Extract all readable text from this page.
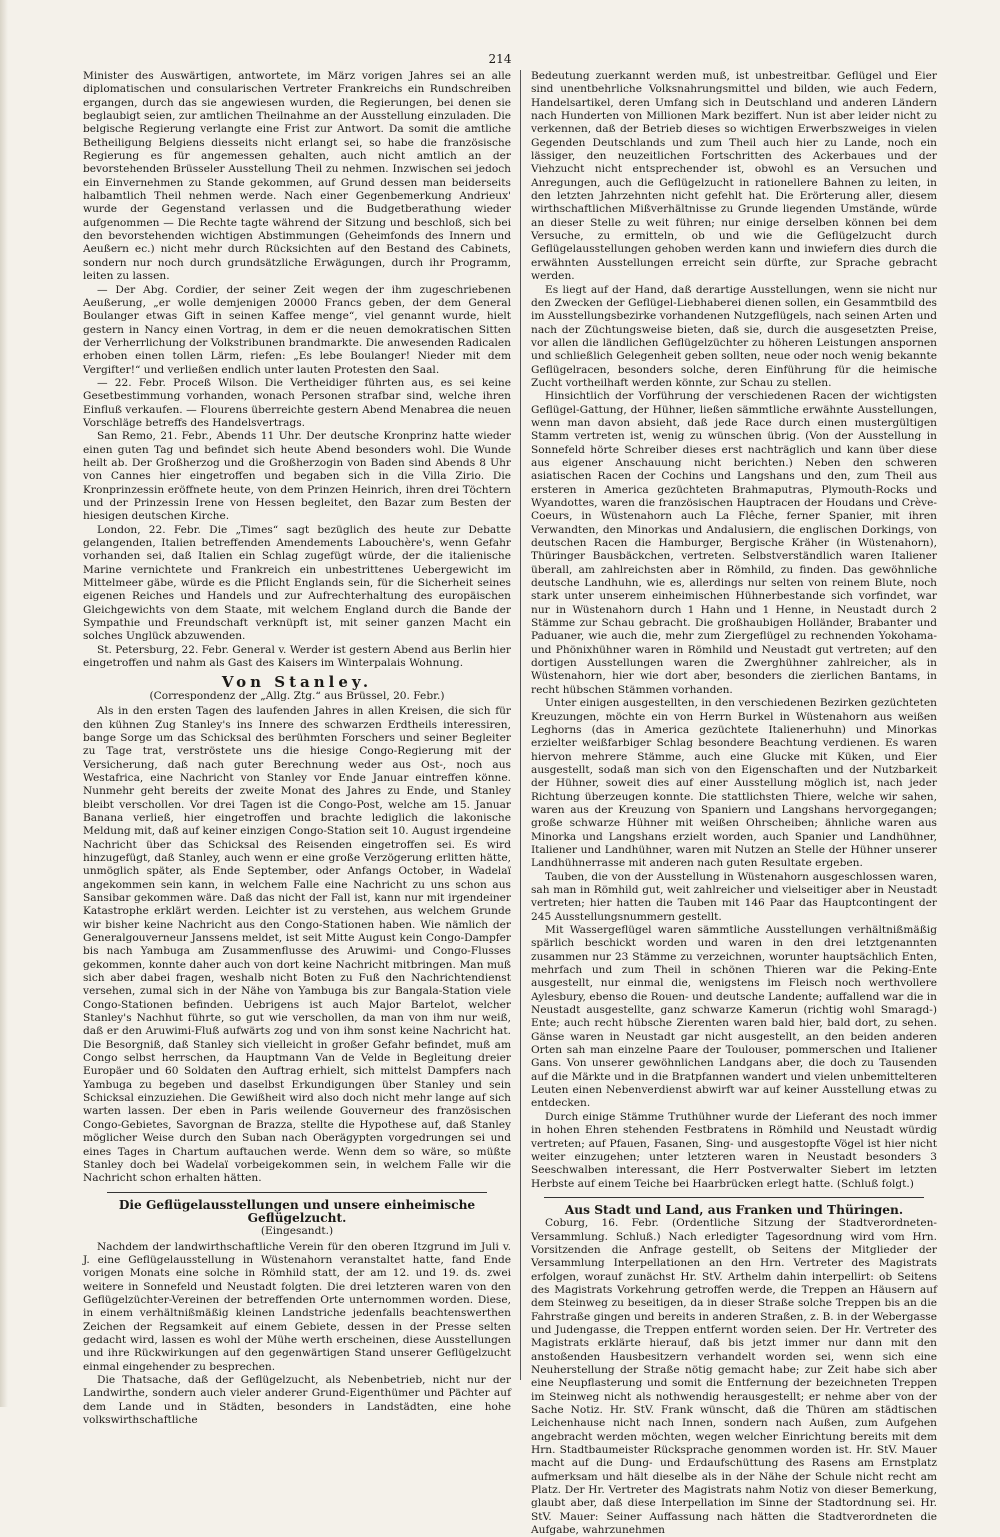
214

Minister des Auswärtigen, antwortete, im März vorigen Jahres sei an alle diplomatischen und consularischen Vertreter Frankreichs ein Rundschreiben ergangen, durch das sie angewiesen wurden, die Regierungen, bei denen sie beglaubigt seien, zur amtlichen Theilnahme an der Ausstellung einzuladen. Die belgische Regierung verlangte eine Frist zur Antwort. Da somit die amtliche Betheiligung Belgiens diesseits nicht erlangt sei, so habe die französische Regierung es für angemessen gehalten, auch nicht amtlich an der bevorstehenden Brüsseler Ausstellung Theil zu nehmen. Inzwischen sei jedoch ein Einvernehmen zu Stande gekommen, auf Grund dessen man beiderseits halbamtlich Theil nehmen werde. Nach einer Gegenbemerkung Andrieux' wurde der Gegenstand verlassen und die Budgetberathung wieder aufgenommen — Die Rechte tagte während der Sitzung und beschloß, sich bei den bevorstehenden wichtigen Abstimmungen (Geheimfonds des Innern und Aeußern ec.) nicht mehr durch Rücksichten auf den Bestand des Cabinets, sondern nur noch durch grundsätzliche Erwägungen, durch ihr Programm, leiten zu lassen.

— Der Abg. Cordier, der seiner Zeit wegen der ihm zugeschriebenen Aeußerung, „er wolle demjenigen 20000 Francs geben, der dem General Boulanger etwas Gift in seinen Kaffee menge“, viel genannt wurde, hielt gestern in Nancy einen Vortrag, in dem er die neuen demokratischen Sitten der Verherrlichung der Volkstribunen brandmarkte. Die anwesenden Radicalen erhoben einen tollen Lärm, riefen: „Es lebe Boulanger! Nieder mit dem Vergifter!“ und verließen endlich unter lauten Protesten den Saal.

— 22. Febr. Proceß Wilson. Die Vertheidiger führten aus, es sei keine Gesetbestimmung vorhanden, wonach Personen strafbar sind, welche ihren Einfluß verkaufen. — Flourens überreichte gestern Abend Menabrea die neuen Vorschläge betreffs des Handelsvertrags.

San Remo, 21. Febr., Abends 11 Uhr. Der deutsche Kronprinz hatte wieder einen guten Tag und befindet sich heute Abend besonders wohl. Die Wunde heilt ab. Der Großherzog und die Großherzogin von Baden sind Abends 8 Uhr von Cannes hier eingetroffen und begaben sich in die Villa Zirio. Die Kronprinzessin eröffnete heute, von dem Prinzen Heinrich, ihren drei Töchtern und der Prinzessin Irene von Hessen begleitet, den Bazar zum Besten der hiesigen deutschen Kirche.

London, 22. Febr. Die „Times“ sagt bezüglich des heute zur Debatte gelangenden, Italien betreffenden Amendements Labouchère's, wenn Gefahr vorhanden sei, daß Italien ein Schlag zugefügt würde, der die italienische Marine vernichtete und Frankreich ein unbestrittenes Uebergewicht im Mittelmeer gäbe, würde es die Pflicht Englands sein, für die Sicherheit seines eigenen Reiches und Handels und zur Aufrechterhaltung des europäischen Gleichgewichts von dem Staate, mit welchem England durch die Bande der Sympathie und Freundschaft verknüpft ist, mit seiner ganzen Macht ein solches Unglück abzuwenden.

St. Petersburg, 22. Febr. General v. Werder ist gestern Abend aus Berlin hier eingetroffen und nahm als Gast des Kaisers im Winterpalais Wohnung.

Von Stanley.
(Correspondenz der „Allg. Ztg.“ aus Brüssel, 20. Febr.)

Als in den ersten Tagen des laufenden Jahres in allen Kreisen, die sich für den kühnen Zug Stanley's ins Innere des schwarzen Erdtheils interessiren, bange Sorge um das Schicksal des berühmten Forschers und seiner Begleiter zu Tage trat, verströstete uns die hiesige Congo-Regierung mit der Versicherung, daß nach guter Berechnung weder aus Ost-, noch aus Westafrica, eine Nachricht von Stanley vor Ende Januar eintreffen könne. Nunmehr geht bereits der zweite Monat des Jahres zu Ende, und Stanley bleibt verschollen. Vor drei Tagen ist die Congo-Post, welche am 15. Januar Banana verließ, hier eingetroffen und brachte lediglich die lakonische Meldung mit, daß auf keiner einzigen Congo-Station seit 10. August irgendeine Nachricht über das Schicksal des Reisenden eingetroffen sei. Es wird hinzugefügt, daß Stanley, auch wenn er eine große Verzögerung erlitten hätte, unmöglich später, als Ende September, oder Anfangs October, in Wadelaï angekommen sein kann, in welchem Falle eine Nachricht zu uns schon aus Sansibar gekommen wäre. Daß das nicht der Fall ist, kann nur mit irgendeiner Katastrophe erklärt werden. Leichter ist zu verstehen, aus welchem Grunde wir bisher keine Nachricht aus den Congo-Stationen haben. Wie nämlich der Generalgouverneur Janssens meldet, ist seit Mitte August kein Congo-Dampfer bis nach Yambuga am Zusammenflusse des Aruwimi- und Congo-Flusses gekommen, konnte daher auch von dort keine Nachricht mitbringen. Man muß sich aber dabei fragen, weshalb nicht Boten zu Fuß den Nachrichtendienst versehen, zumal sich in der Nähe von Yambuga bis zur Bangala-Station viele Congo-Stationen befinden. Uebrigens ist auch Major Bartelot, welcher Stanley's Nachhut führte, so gut wie verschollen, da man von ihm nur weiß, daß er den Aruwimi-Fluß aufwärts zog und von ihm sonst keine Nachricht hat. Die Besorgniß, daß Stanley sich vielleicht in großer Gefahr befindet, muß am Congo selbst herrschen, da Hauptmann Van de Velde in Begleitung dreier Europäer und 60 Soldaten den Auftrag erhielt, sich mittelst Dampfers nach Yambuga zu begeben und daselbst Erkundigungen über Stanley und sein Schicksal einzuziehen. Die Gewißheit wird also doch nicht mehr lange auf sich warten lassen. Der eben in Paris weilende Gouverneur des französischen Congo-Gebietes, Savorgnan de Brazza, stellte die Hypothese auf, daß Stanley möglicher Weise durch den Suban nach Oberägypten vorgedrungen sei und eines Tages in Chartum auftauchen werde. Wenn dem so wäre, so müßte Stanley doch bei Wadelaï vorbeigekommen sein, in welchem Falle wir die Nachricht schon erhalten hätten.

Die Geflügelausstellungen und unsere einheimische Geflügelzucht.
(Eingesandt.)

Nachdem der landwirthschaftliche Verein für den oberen Itzgrund im Juli v. J. eine Geflügelausstellung in Wüstenahorn veranstaltet hatte, fand Ende vorigen Monats eine solche in Römhild statt, der am 12. und 19. ds. zwei weitere in Sonnefeld und Neustadt folgten. Die drei letzteren waren von den Geflügelzüchter-Vereinen der betreffenden Orte unternommen worden. Diese, in einem verhältnißmäßig kleinen Landstriche jedenfalls beachtenswerthen Zeichen der Regsamkeit auf einem Gebiete, dessen in der Presse selten gedacht wird, lassen es wohl der Mühe werth erscheinen, diese Ausstellungen und ihre Rückwirkungen auf den gegenwärtigen Stand unserer Geflügelzucht einmal eingehender zu besprechen.

Die Thatsache, daß der Geflügelzucht, als Nebenbetrieb, nicht nur der Landwirthe, sondern auch vieler anderer Grund-Eigenthümer und Pächter auf dem Lande und in Städten, besonders in Landstädten, eine hohe volkswirthschaftliche

Bedeutung zuerkannt werden muß, ist unbestreitbar. Geflügel und Eier sind unentbehrliche Volksnahrungsmittel und bilden, wie auch Federn, Handelsartikel, deren Umfang sich in Deutschland und anderen Ländern nach Hunderten von Millionen Mark beziffert. Nun ist aber leider nicht zu verkennen, daß der Betrieb dieses so wichtigen Erwerbszweiges in vielen Gegenden Deutschlands und zum Theil auch hier zu Lande, noch ein lässiger, den neuzeitlichen Fortschritten des Ackerbaues und der Viehzucht nicht entsprechender ist, obwohl es an Versuchen und Anregungen, auch die Geflügelzucht in rationellere Bahnen zu leiten, in den letzten Jahrzehnten nicht gefehlt hat. Die Erörterung aller, diesem wirthschaftlichen Mißverhältnisse zu Grunde liegenden Umstände, würde an dieser Stelle zu weit führen; nur einige derselben können bei dem Versuche, zu ermitteln, ob und wie die Geflügelzucht durch Geflügelausstellungen gehoben werden kann und inwiefern dies durch die erwähnten Ausstellungen erreicht sein dürfte, zur Sprache gebracht werden.

Es liegt auf der Hand, daß derartige Ausstellungen, wenn sie nicht nur den Zwecken der Geflügel-Liebhaberei dienen sollen, ein Gesammtbild des im Ausstellungsbezirke vorhandenen Nutzgeflügels, nach seinen Arten und nach der Züchtungsweise bieten, daß sie, durch die ausgesetzten Preise, vor allen die ländlichen Geflügelzüchter zu höheren Leistungen anspornen und schließlich Gelegenheit geben sollten, neue oder noch wenig bekannte Geflügelracen, besonders solche, deren Einführung für die heimische Zucht vortheilhaft werden könnte, zur Schau zu stellen.

Hinsichtlich der Vorführung der verschiedenen Racen der wichtigsten Geflügel-Gattung, der Hühner, ließen sämmtliche erwähnte Ausstellungen, wenn man davon absieht, daß jede Race durch einen mustergültigen Stamm vertreten ist, wenig zu wünschen übrig. (Von der Ausstellung in Sonnefeld hörte Schreiber dieses erst nachträglich und kann über diese aus eigener Anschauung nicht berichten.) Neben den schweren asiatischen Racen der Cochins und Langshans und den, zum Theil aus ersteren in America gezüchteten Brahmaputras, Plymouth-Rocks und Wyandottes, waren die französischen Hauptracen der Houdans und Crève-Coeurs, in Wüstenahorn auch La Flêche, ferner Spanier, mit ihren Verwandten, den Minorkas und Andalusiern, die englischen Dorkings, von deutschen Racen die Hamburger, Bergische Kräher (in Wüstenahorn), Thüringer Bausbäckchen, vertreten. Selbstverständlich waren Italiener überall, am zahlreichsten aber in Römhild, zu finden. Das gewöhnliche deutsche Landhuhn, wie es, allerdings nur selten von reinem Blute, noch stark unter unserem einheimischen Hühnerbestande sich vorfindet, war nur in Wüstenahorn durch 1 Hahn und 1 Henne, in Neustadt durch 2 Stämme zur Schau gebracht. Die großhaubigen Holländer, Brabanter und Paduaner, wie auch die, mehr zum Ziergeflügel zu rechnenden Yokohama- und Phönixhühner waren in Römhild und Neustadt gut vertreten; auf den dortigen Ausstellungen waren die Zwerghühner zahlreicher, als in Wüstenahorn, hier wie dort aber, besonders die zierlichen Bantams, in recht hübschen Stämmen vorhanden.

Unter einigen ausgestellten, in den verschiedenen Bezirken gezüchteten Kreuzungen, möchte ein von Herrn Burkel in Wüstenahorn aus weißen Leghorns (das in America gezüchtete Italienerhuhn) und Minorkas erzielter weißfarbiger Schlag besondere Beachtung verdienen. Es waren hiervon mehrere Stämme, auch eine Glucke mit Küken, und Eier ausgestellt, sodaß man sich von den Eigenschaften und der Nutzbarkeit der Hühner, soweit dies auf einer Ausstellung möglich ist, nach jeder Richtung überzeugen konnte. Die stattlichsten Thiere, welche wir sahen, waren aus der Kreuzung von Spaniern und Langshans hervorgegangen; große schwarze Hühner mit weißen Ohrscheiben; ähnliche waren aus Minorka und Langshans erzielt worden, auch Spanier und Landhühner, Italiener und Landhühner, waren mit Nutzen an Stelle der Hühner unserer Landhühnerrasse mit anderen nach guten Resultate ergeben.

Tauben, die von der Ausstellung in Wüstenahorn ausgeschlossen waren, sah man in Römhild gut, weit zahlreicher und vielseitiger aber in Neustadt vertreten; hier hatten die Tauben mit 146 Paar das Hauptcontingent der 245 Ausstellungsnummern gestellt.

Mit Wassergeflügel waren sämmtliche Ausstellungen verhältnißmäßig spärlich beschickt worden und waren in den drei letztgenannten zusammen nur 23 Stämme zu verzeichnen, worunter hauptsächlich Enten, mehrfach und zum Theil in schönen Thieren war die Peking-Ente ausgestellt, nur einmal die, wenigstens im Fleisch noch werthvollere Aylesbury, ebenso die Rouen- und deutsche Landente; auffallend war die in Neustadt ausgestellte, ganz schwarze Kamerun (richtig wohl Smaragd-) Ente; auch recht hübsche Zierenten waren bald hier, bald dort, zu sehen. Gänse waren in Neustadt gar nicht ausgestellt, an den beiden anderen Orten sah man einzelne Paare der Toulouser, pommerschen und Italiener Gans. Von unserer gewöhnlichen Landgans aber, die doch zu Tausenden auf die Märkte und in die Bratpfannen wandert und vielen unbemittelteren Leuten einen Nebenverdienst abwirft war auf keiner Ausstellung etwas zu entdecken.

Durch einige Stämme Truthühner wurde der Lieferant des noch immer in hohen Ehren stehenden Festbratens in Römhild und Neustadt würdig vertreten; auf Pfauen, Fasanen, Sing- und ausgestopfte Vögel ist hier nicht weiter einzugehen; unter letzteren waren in Neustadt besonders 3 Seeschwalben interessant, die Herr Postverwalter Siebert im letzten Herbste auf einem Teiche bei Haarbrücken erlegt hatte. (Schluß folgt.)

Aus Stadt und Land, aus Franken und Thüringen.

Coburg, 16. Febr. (Ordentliche Sitzung der Stadtverordneten-Versammlung. Schluß.) Nach erledigter Tagesordnung wird vom Hrn. Vorsitzenden die Anfrage gestellt, ob Seitens der Mitglieder der Versammlung Interpellationen an den Hrn. Vertreter des Magistrats erfolgen, worauf zunächst Hr. StV. Arthelm dahin interpellirt: ob Seitens des Magistrats Vorkehrung getroffen werde, die Treppen an Häusern auf dem Steinweg zu beseitigen, da in dieser Straße solche Treppen bis an die Fahrstraße gingen und bereits in anderen Straßen, z. B. in der Webergasse und Judengasse, die Treppen entfernt worden seien. Der Hr. Vertreter des Magistrats erklärte hierauf, daß bis jetzt immer nur dann mit den anstoßenden Hausbesitzern verhandelt worden sei, wenn sich eine Neuherstellung der Straße nötig gemacht habe; zur Zeit habe sich aber eine Neupflasterung und somit die Entfernung der bezeichneten Treppen im Steinweg nicht als nothwendig herausgestellt; er nehme aber von der Sache Notiz. Hr. StV. Frank wünscht, daß die Thüren am städtischen Leichenhause nicht nach Innen, sondern nach Außen, zum Aufgehen angebracht werden möchten, wegen welcher Einrichtung bereits mit dem Hrn. Stadtbaumeister Rücksprache genommen worden ist. Hr. StV. Mauer macht auf die Dung- und Erdaufschüttung des Rasens am Ernstplatz aufmerksam und hält dieselbe als in der Nähe der Schule nicht recht am Platz. Der Hr. Vertreter des Magistrats nahm Notiz von dieser Bemerkung, glaubt aber, daß diese Interpellation im Sinne der Stadtordnung sei. Hr. StV. Mauer: Seiner Auffassung nach hätten die Stadtverordneten die Aufgabe, wahrzunehmen
